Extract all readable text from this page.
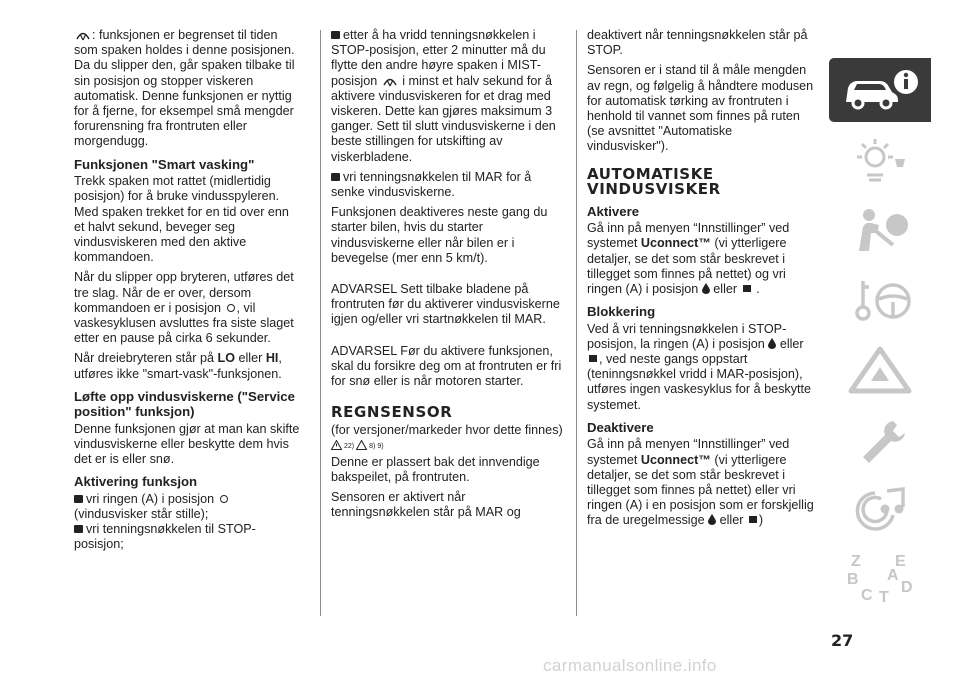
: funksjonen er begrenset til tiden som spaken holdes i denne posisjonen. Da du slipper den, går spaken tilbake til sin posisjon og stopper viskeren automatisk. Denne funksjonen er nyttig for å fjerne, for eksempel små mengder forurensning fra frontruten eller morgendugg.

Funksjonen "Smart vasking"

Trekk spaken mot rattet (midlertidig posisjon) for å bruke vindusspyleren. Med spaken trekket for en tid over enn et halvt sekund, beveger seg vindusviskeren med den aktive kommandoen.

Når du slipper opp bryteren, utføres det tre slag. Når de er over, dersom kommandoen er i posisjon , vil vaskesyklusen avsluttes fra siste slaget etter en pause på cirka 6 sekunder.

Når dreiebryteren står på LO eller HI, utføres ikke "smart-vask"-funksjonen.

Løfte opp vindusviskerne ("Service position" funksjon)

Denne funksjonen gjør at man kan skifte vindusviskerne eller beskytte dem hvis det er is eller snø.

Aktivering funksjon

vri ringen (A) i posisjon  (vindusvisker står stille);

vri tenningsnøkkelen til STOP-posisjon;

etter å ha vridd tenningsnøkkelen i STOP-posisjon, etter 2 minutter må du flytte den andre høyre spaken i MIST-posisjon i minst et halv sekund for å aktivere vindusviskeren for et drag med viskeren. Dette kan gjøres maksimum 3 ganger. Sett til slutt vindusviskerne i den beste stillingen for utskifting av viskerbladene.

vri tenningsnøkkelen til MAR for å senke vindusviskerne.

Funksjonen deaktiveres neste gang du starter bilen, hvis du starter vindusviskerne eller når bilen er i bevegelse (mer enn 5 km/t).

ADVARSEL Sett tilbake bladene på frontruten før du aktiverer vindusviskerne igjen og/eller vri startnøkkelen til MAR.

ADVARSEL Før du aktivere funksjonen, skal du forsikre deg om at frontruten er fri for snø eller is når motoren starter.

REGNSENSOR

(for versjoner/markeder hvor dette finnes)

22) 8) 9)

Denne er plassert bak det innvendige bakspeilet, på frontruten.

Sensoren er aktivert når tenningsnøkkelen står på MAR og

deaktivert når tenningsnøkkelen står på STOP.

Sensoren er i stand til å måle mengden av regn, og følgelig å håndtere modusen for automatisk tørking av frontruten i henhold til vannet som finnes på ruten (se avsnittet "Automatiske vindusvisker").

AUTOMATISKE
VINDUSVISKER
Aktivere

Gå inn på menyen “Innstillinger” ved systemet Uconnect™ (vi ytterligere detaljer, se det som står beskrevet i tillegget som finnes på nettet) og vri ringen (A) i posisjon eller .

Blokkering

Ved å vri tenningsnøkkelen i STOP-posisjon, la ringen (A) i posisjon eller , ved neste gangs oppstart (teninngsnøkkel vridd i MAR-posisjon), utføres ingen vaskesyklus for å beskytte systemet.

Deaktivere

Gå inn på menyen “Innstillinger” ved systemet Uconnect™ (vi ytterligere detaljer, se det som står beskrevet i tillegget som finnes på nettet) eller vri ringen (A) i en posisjon som er forskjellig fra de uregelmessige eller )

Z E
B A
C T
D
27
carmanualsonline.info
